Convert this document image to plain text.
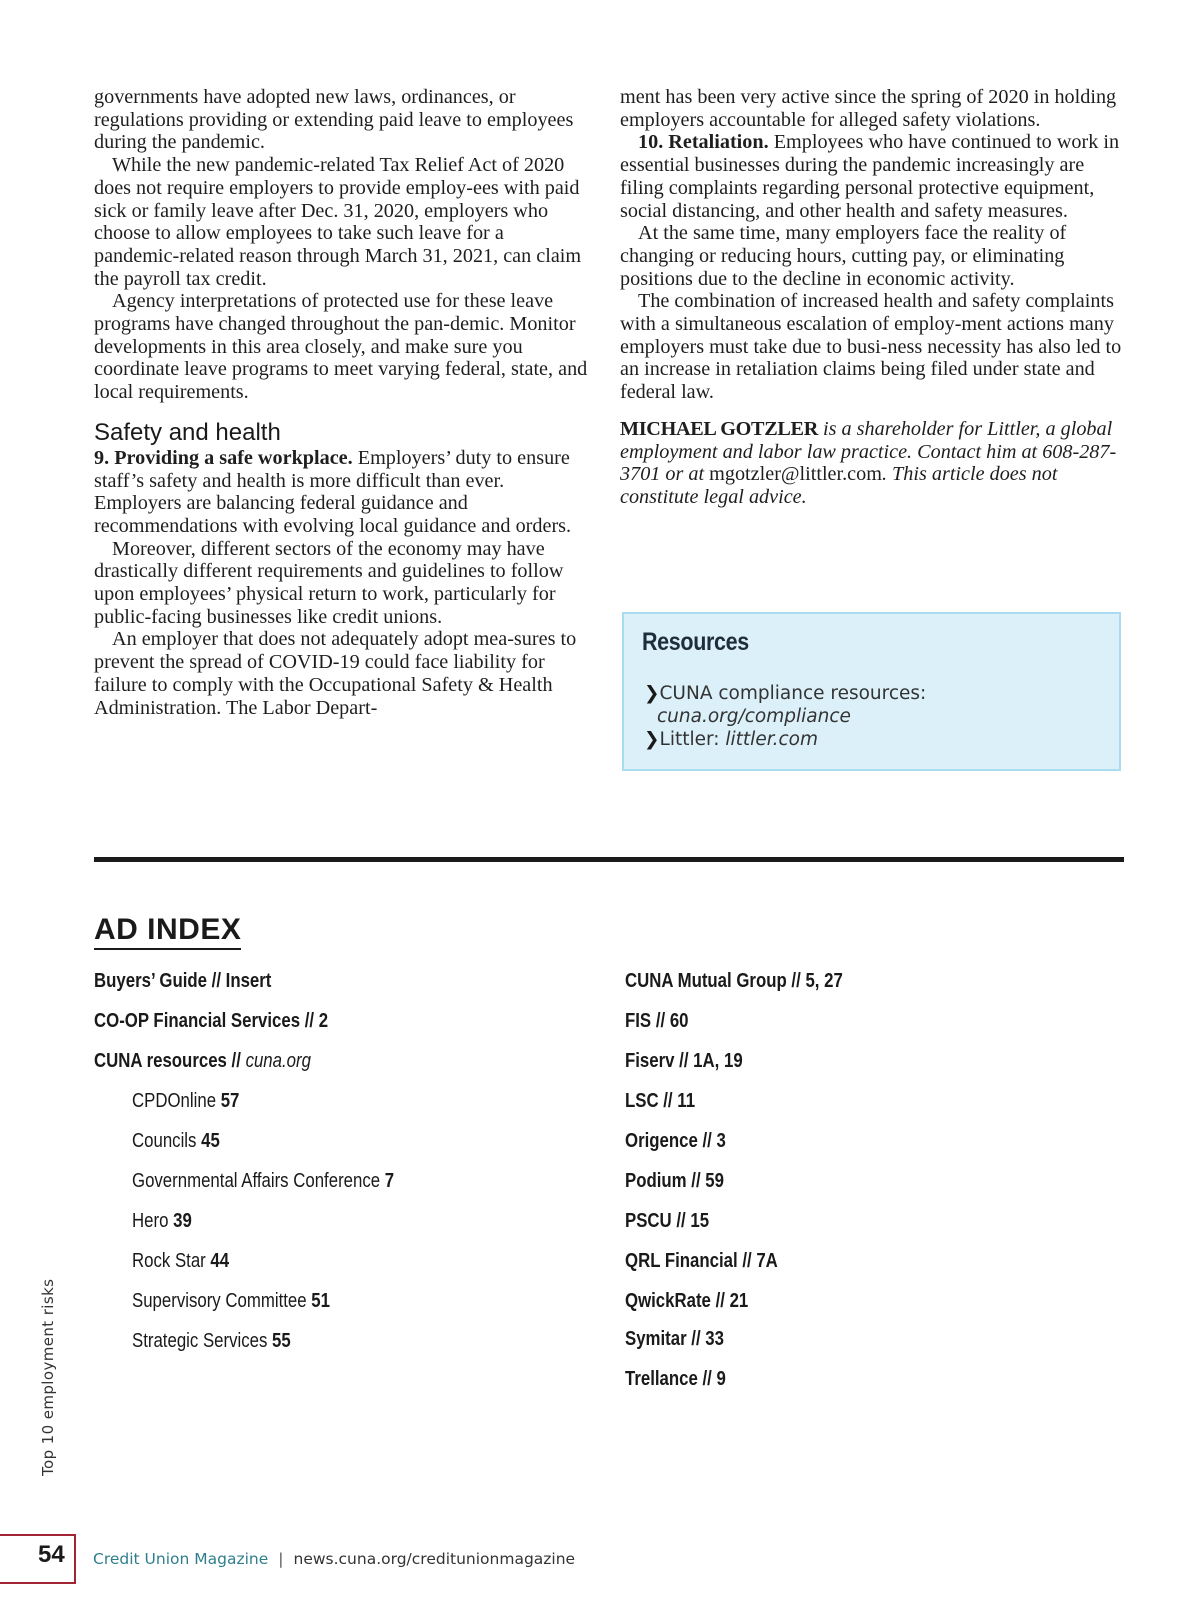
governments have adopted new laws, ordinances, or regulations providing or extending paid leave to employees during the pandemic.

While the new pandemic-related Tax Relief Act of 2020 does not require employers to provide employ-ees with paid sick or family leave after Dec. 31, 2020, employers who choose to allow employees to take such leave for a pandemic-related reason through March 31, 2021, can claim the payroll tax credit.

Agency interpretations of protected use for these leave programs have changed throughout the pan-demic. Monitor developments in this area closely, and make sure you coordinate leave programs to meet varying federal, state, and local requirements.

Safety and health

9. Providing a safe workplace. Employers’ duty to ensure staff’s safety and health is more difficult than ever. Employers are balancing federal guidance and recommendations with evolving local guidance and orders.

Moreover, different sectors of the economy may have drastically different requirements and guidelines to follow upon employees’ physical return to work, particularly for public-facing businesses like credit unions.

An employer that does not adequately adopt mea-sures to prevent the spread of COVID-19 could face liability for failure to comply with the Occupational Safety & Health Administration. The Labor Depart-

ment has been very active since the spring of 2020 in holding employers accountable for alleged safety violations.

10. Retaliation. Employees who have continued to work in essential businesses during the pandemic increasingly are filing complaints regarding personal protective equipment, social distancing, and other health and safety measures.

At the same time, many employers face the reality of changing or reducing hours, cutting pay, or eliminating positions due to the decline in economic activity.

The combination of increased health and safety complaints with a simultaneous escalation of employ-ment actions many employers must take due to busi-ness necessity has also led to an increase in retaliation claims being filed under state and federal law.

MICHAEL GOTZLER is a shareholder for Littler, a global employment and labor law practice. Contact him at 608-287-3701 or at mgotzler@littler.com. This article does not constitute legal advice.

Resources
❯CUNA compliance resources:
cuna.org/compliance
❯Littler: littler.com
AD INDEX
Buyers’ Guide // Insert
CO-OP Financial Services // 2
CUNA resources // cuna.org
CPDOnline 57
Councils 45
Governmental Affairs Conference 7
Hero 39
Rock Star 44
Supervisory Committee 51
Strategic Services 55
CUNA Mutual Group // 5, 27
FIS // 60
Fiserv // 1A, 19
LSC // 11
Origence // 3
Podium // 59
PSCU // 15
QRL Financial // 7A
QwickRate // 21
Symitar // 33
Trellance // 9
Top 10 employment risks
54 Credit Union Magazine | news.cuna.org/creditunionmagazine
